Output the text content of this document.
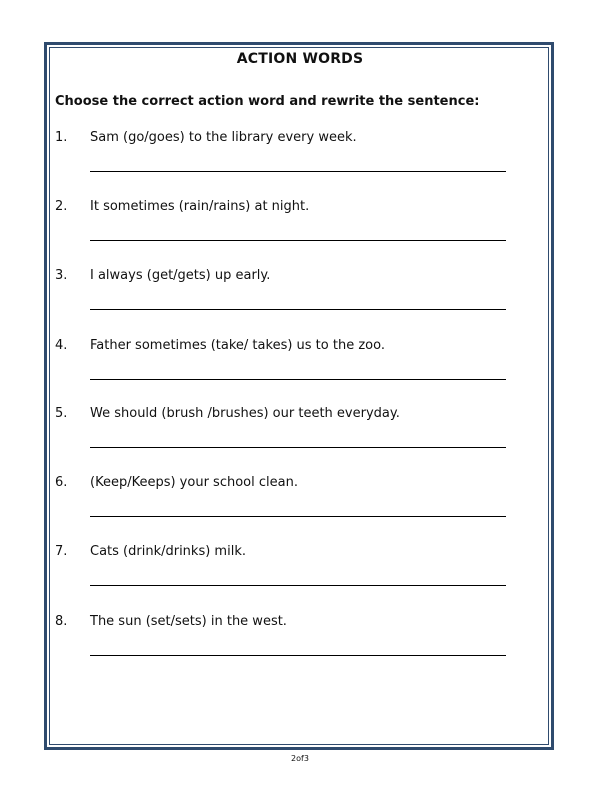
ACTION WORDS
Choose the correct action word and rewrite the sentence:
1. Sam (go/goes) to the library every week.
2. It sometimes (rain/rains) at night.
3. I always (get/gets) up early.
4. Father sometimes (take/ takes) us to the zoo.
5. We should (brush /brushes) our teeth everyday.
6. (Keep/Keeps) your school clean.
7. Cats (drink/drinks) milk.
8. The sun (set/sets) in the west.
2of3
